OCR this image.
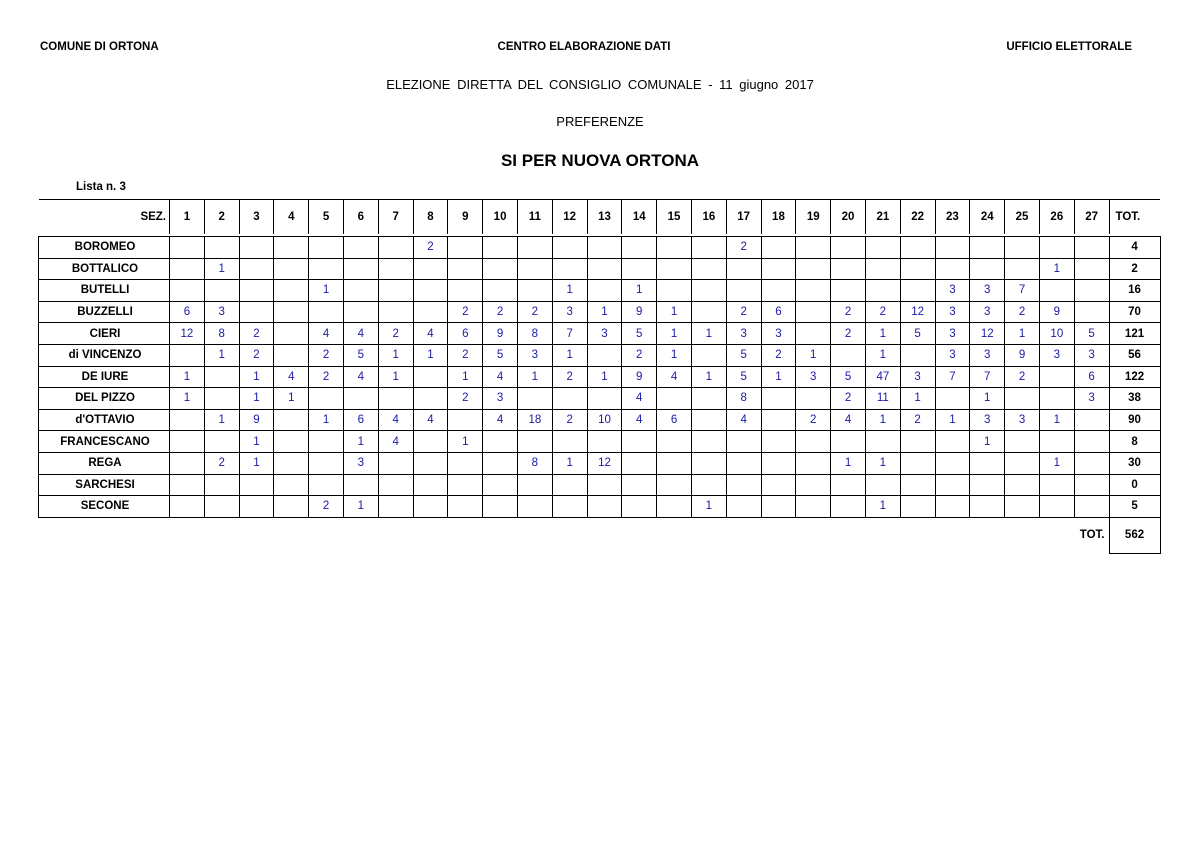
COMUNE DI ORTONA	CENTRO ELABORAZIONE DATI	UFFICIO ELETTORALE
ELEZIONE DIRETTA DEL CONSIGLIO COMUNALE - 11 giugno 2017
PREFERENZE
SI PER NUOVA ORTONA
Lista n. 3
SEZ.	1	2	3	4	5	6	7	8	9	10	11	12	13	14	15	16	17	18	19	20	21	22	23	24	25	26	27	TOT.

BOROMEO								2									2											4
BOTTALICO		1																								1		2
BUTELLI					1							1		1									3	3	7			16
BUZZELLI	6	3							2	2	2	3	1	9	1		2	6		2	2	12	3	3	2	9		70
CIERI	12	8	2		4	4	2	4	6	9	8	7	3	5	1	1	3	3		2	1	5	3	12	1	10	5	121
di VINCENZO		1	2		2	5	1	1	2	5	3	1		2	1		5	2	1		1		3	3	9	3	3	56
DE IURE	1		1	4	2	4	1		1	4	1	2	1	9	4	1	5	1	3	5	47	3	7	7	2		6	122
DEL PIZZO	1		1	1					2	3				4			8			2	11	1		1			3	38
d'OTTAVIO		1	9		1	6	4	4		4	18	2	10	4	6		4		2	4	1	2	1	3	3	1		90
FRANCESCANO			1			1	4		1															1				8
REGA		2	1			3					8	1	12							1	1					1		30
SARCHESI																												0
SECONE					2	1										1					1							5
TOT.																												562
